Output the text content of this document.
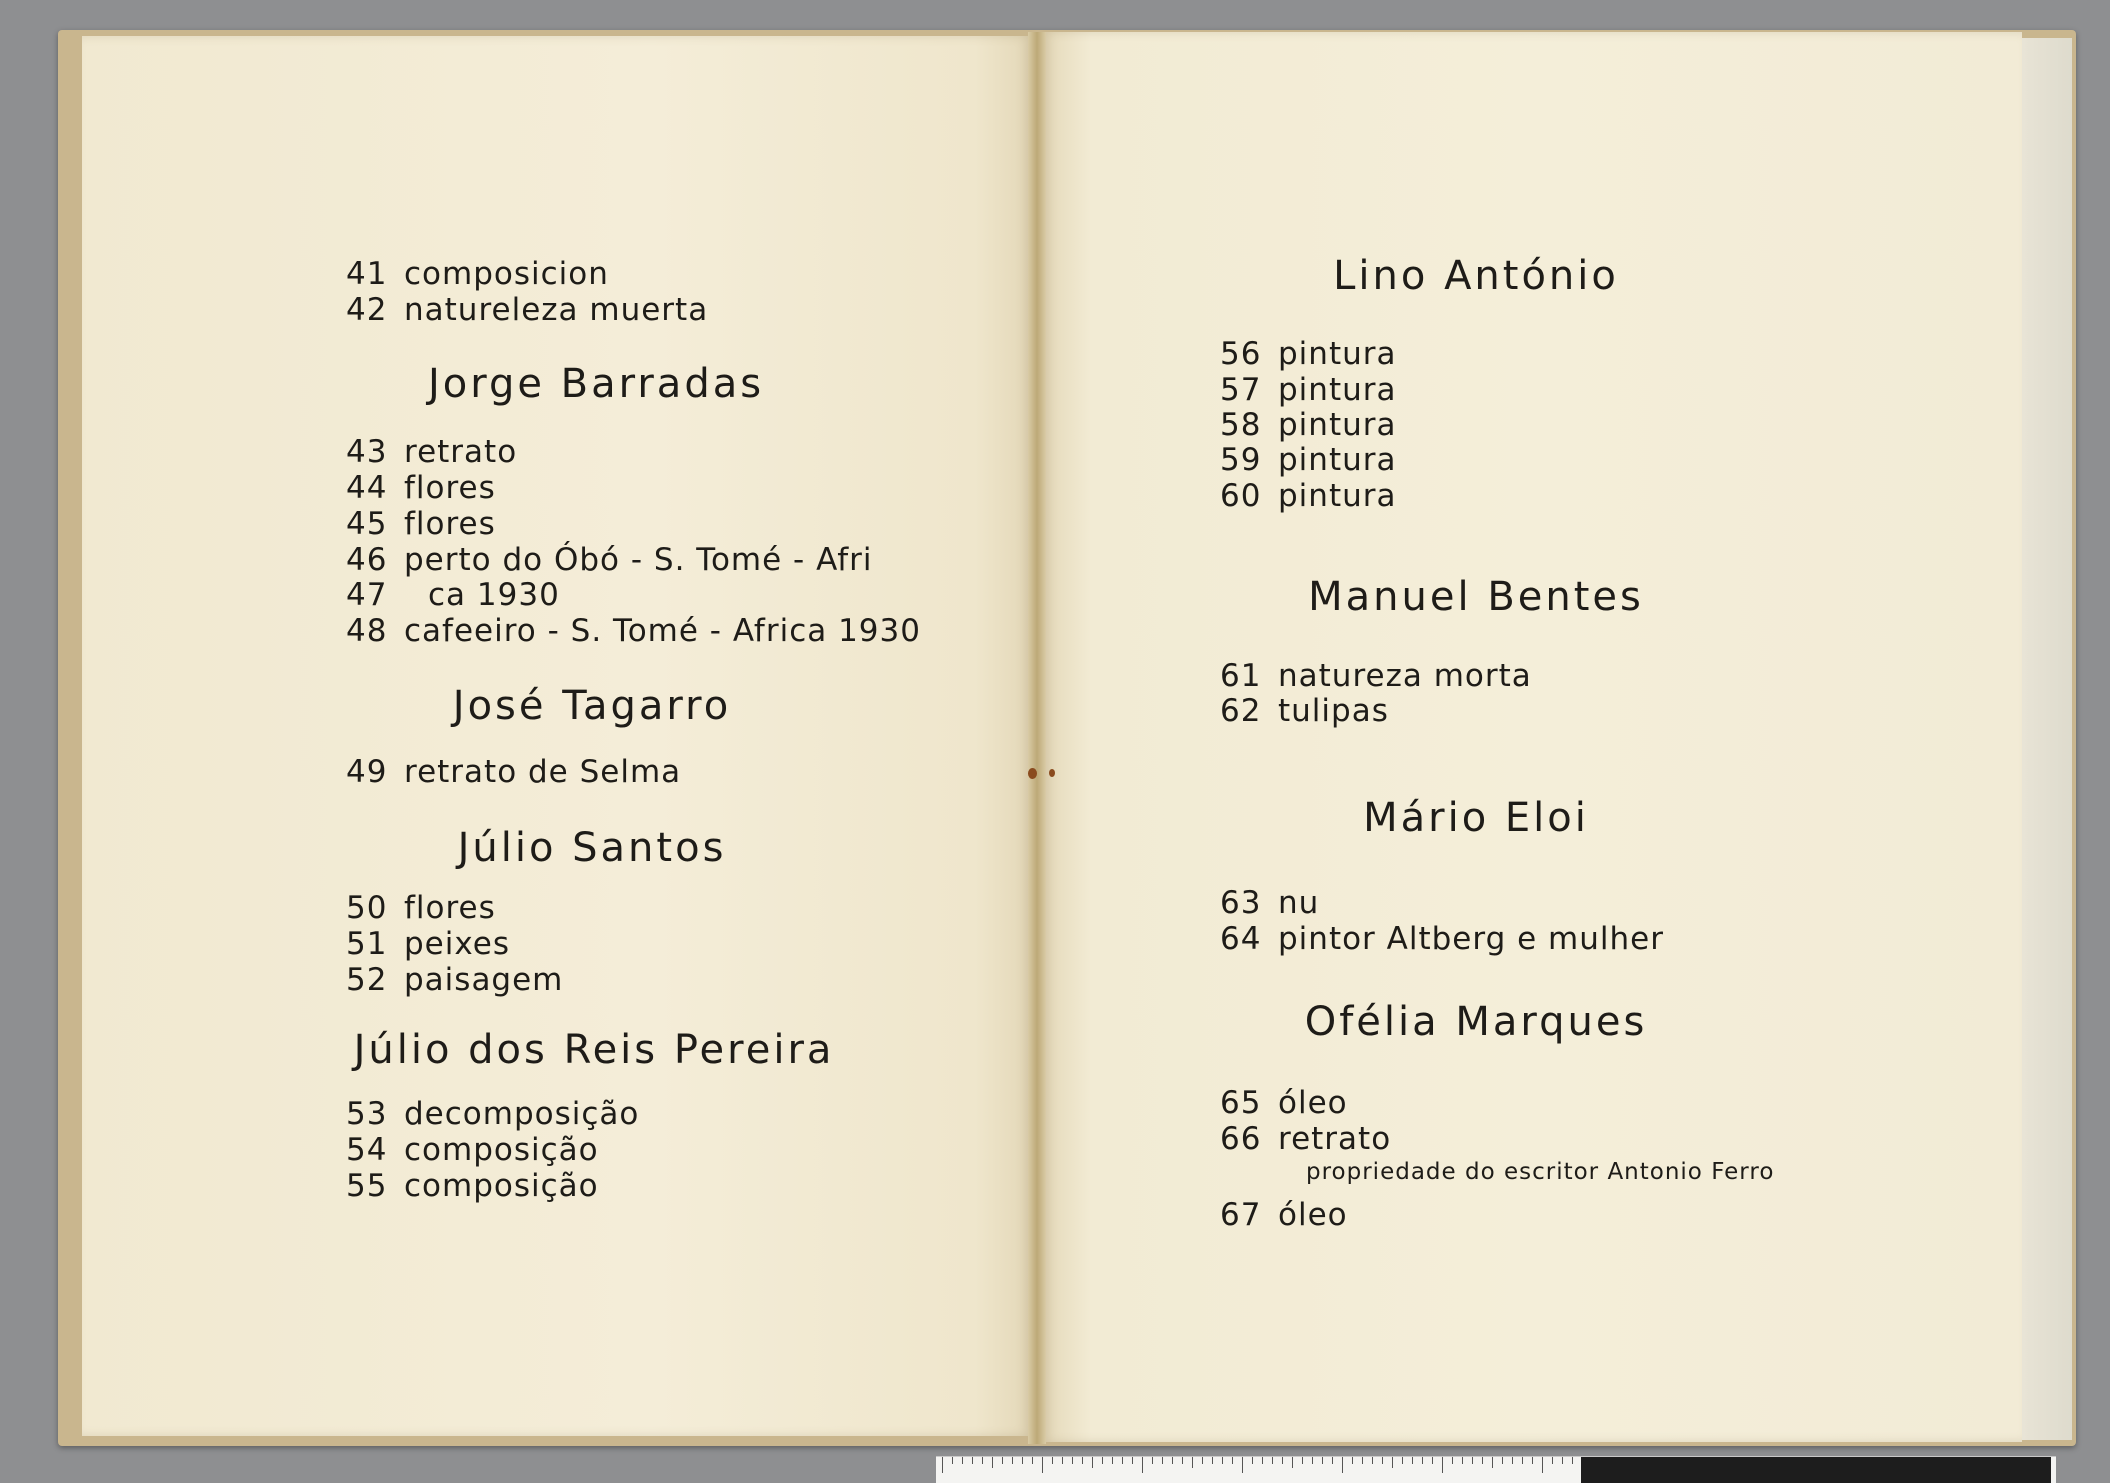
41 composicion
42 natureleza muerta
Jorge Barradas
43 retrato
44 flores
45 flores
46 perto do Óbó - S. Tomé - Afri
47 ca 1930
48 cafeeiro - S. Tomé - Africa 1930
José Tagarro
49 retrato de Selma
Júlio Santos
50 flores
51 peixes
52 paisagem
Júlio dos Reis Pereira
53 decomposição
54 composição
55 composição
Lino António
56 pintura
57 pintura
58 pintura
59 pintura
60 pintura
Manuel Bentes
61 natureza morta
62 tulipas
Mário Eloi
63 nu
64 pintor Altberg e mulher
Ofélia Marques
65 óleo
66 retrato
propriedade do escritor Antonio Ferro
67 óleo
